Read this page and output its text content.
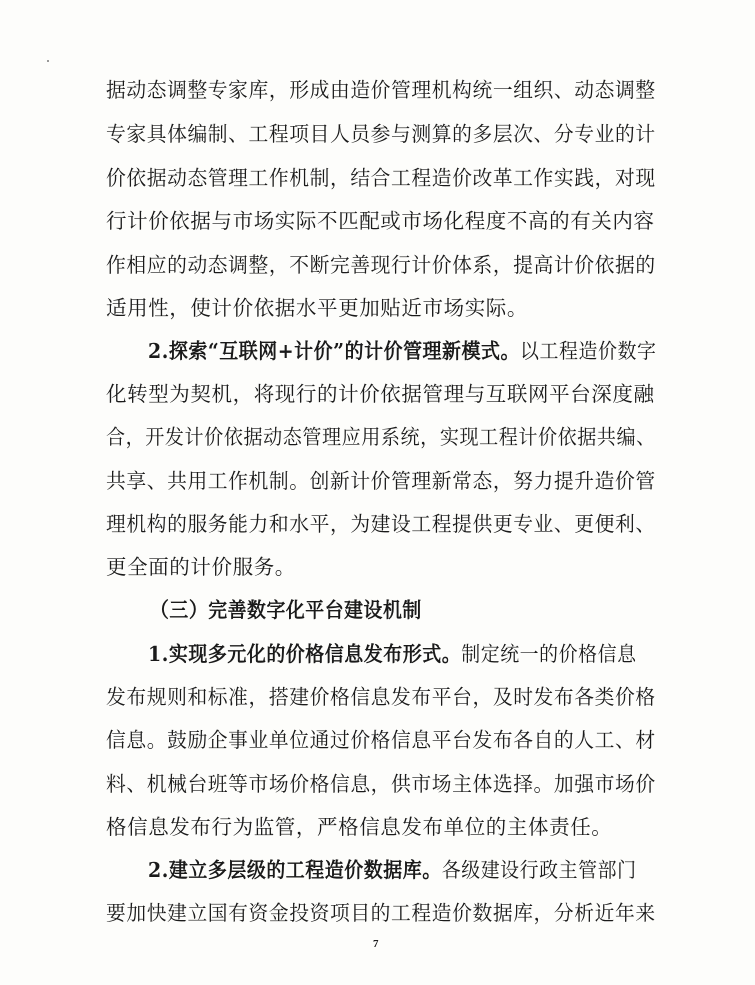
据动态调整专家库，形成由造价管理机构统一组织、动态调整
专家具体编制、工程项目人员参与测算的多层次、分专业的计
价依据动态管理工作机制，结合工程造价改革工作实践，对现
行计价依据与市场实际不匹配或市场化程度不高的有关内容
作相应的动态调整，不断完善现行计价体系，提高计价依据的
适用性，使计价依据水平更加贴近市场实际。
2.探索“互联网+计价”的计价管理新模式。以工程造价数字
化转型为契机，将现行的计价依据管理与互联网平台深度融
合，开发计价依据动态管理应用系统，实现工程计价依据共编、
共享、共用工作机制。创新计价管理新常态，努力提升造价管
理机构的服务能力和水平，为建设工程提供更专业、更便利、
更全面的计价服务。
（三）完善数字化平台建设机制
1.实现多元化的价格信息发布形式。制定统一的价格信息
发布规则和标准，搭建价格信息发布平台，及时发布各类价格
信息。鼓励企事业单位通过价格信息平台发布各自的人工、材
料、机械台班等市场价格信息，供市场主体选择。加强市场价
格信息发布行为监管，严格信息发布单位的主体责任。
2.建立多层级的工程造价数据库。各级建设行政主管部门
要加快建立国有资金投资项目的工程造价数据库，分析近年来
7
